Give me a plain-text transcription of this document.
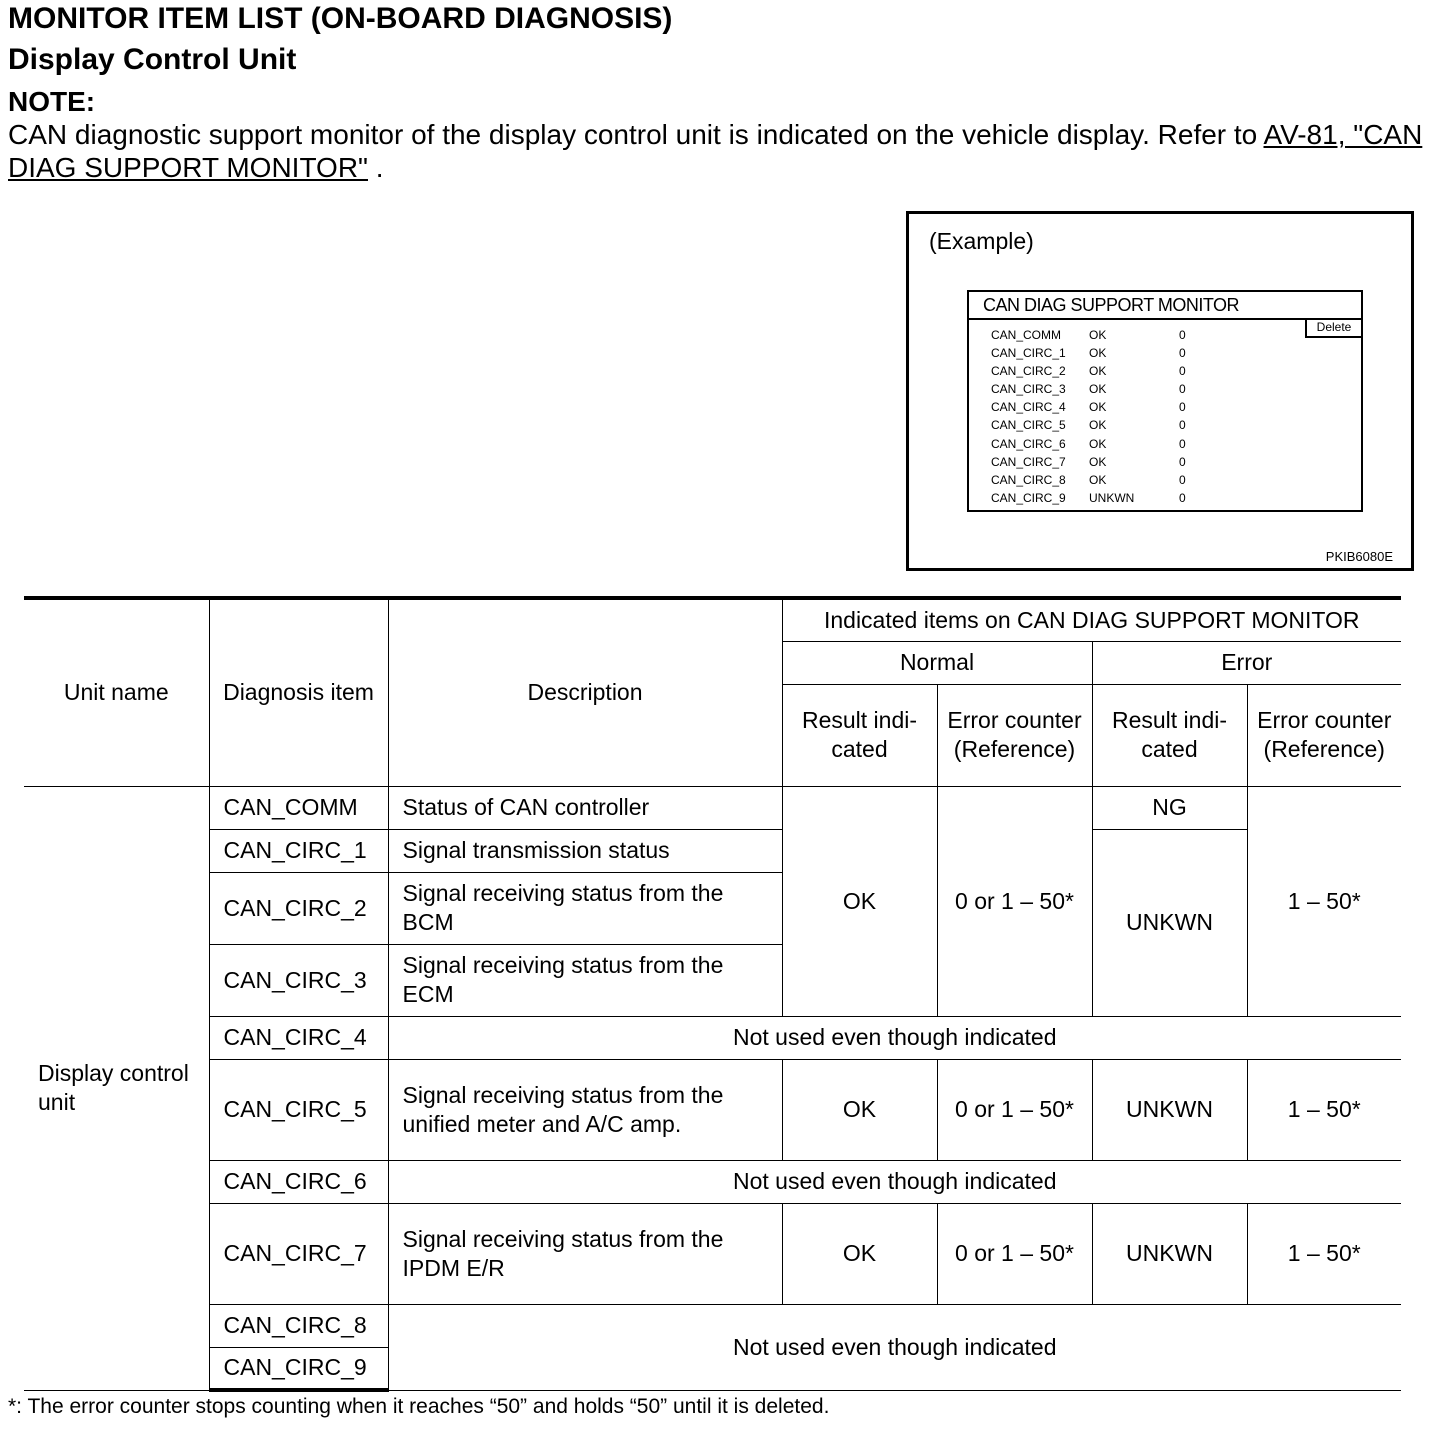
MONITOR ITEM LIST (ON-BOARD DIAGNOSIS)
Display Control Unit
NOTE:
CAN diagnostic support monitor of the display control unit is indicated on the vehicle display. Refer to AV-81, "CAN DIAG SUPPORT MONITOR" .
(Example)
CAN DIAG SUPPORT MONITOR
Delete
CAN_COMM OK	0
CAN_CIRC_1 OK	0
CAN_CIRC_2 OK	0
CAN_CIRC_3 OK	0
CAN_CIRC_4 OK	0
CAN_CIRC_5 OK	0
CAN_CIRC_6 OK	0
CAN_CIRC_7 OK	0
CAN_CIRC_8 OK	0
CAN_CIRC_9 UNKWN	0
PKIB6080E
Unit name	Diagnosis item	Description	Indicated items on CAN DIAG SUPPORT MONITOR			
			Normal		Error	
			Result indi- cated	Error counter (Reference)	Result indi- cated	Error counter (Reference)
Display control unit	CAN_COMM	Status of CAN controller	OK	0 or 1 – 50*	NG	1 – 50*
	CAN_CIRC_1	Signal transmission status			UNKWN	
	CAN_CIRC_2	Signal receiving status from the BCM				
	CAN_CIRC_3	Signal receiving status from the ECM				
	CAN_CIRC_4	Not used even though indicated				
	CAN_CIRC_5	Signal receiving status from the unified meter and A/C amp.	OK	0 or 1 – 50*	UNKWN	1 – 50*
	CAN_CIRC_6	Not used even though indicated				
	CAN_CIRC_7	Signal receiving status from the IPDM E/R	OK	0 or 1 – 50*	UNKWN	1 – 50*
	CAN_CIRC_8	Not used even though indicated				
	CAN_CIRC_9					
*: The error counter stops counting when it reaches “50” and holds “50” until it is deleted.
